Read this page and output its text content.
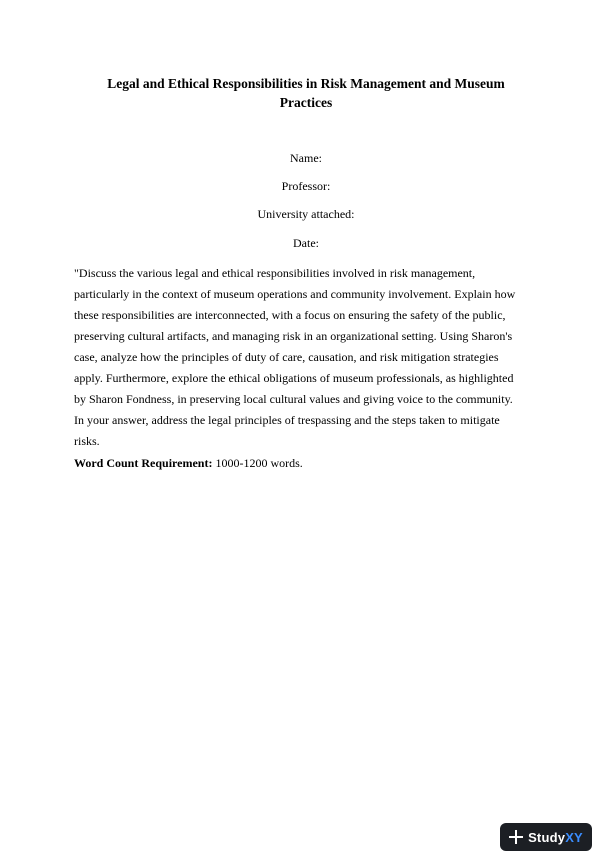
Legal and Ethical Responsibilities in Risk Management and Museum
Practices
Name:
Professor:
University attached:
Date:

"Discuss the various legal and ethical responsibilities involved in risk management,

particularly in the context of museum operations and community involvement. Explain how

these responsibilities are interconnected, with a focus on ensuring the safety of the public,

preserving cultural artifacts, and managing risk in an organizational setting. Using Sharon's

case, analyze how the principles of duty of care, causation, and risk mitigation strategies

apply. Furthermore, explore the ethical obligations of museum professionals, as highlighted

by Sharon Fondness, in preserving local cultural values and giving voice to the community.

In your answer, address the legal principles of trespassing and the steps taken to mitigate

risks.

Word Count Requirement: 1000-1200 words.
StudyXY
